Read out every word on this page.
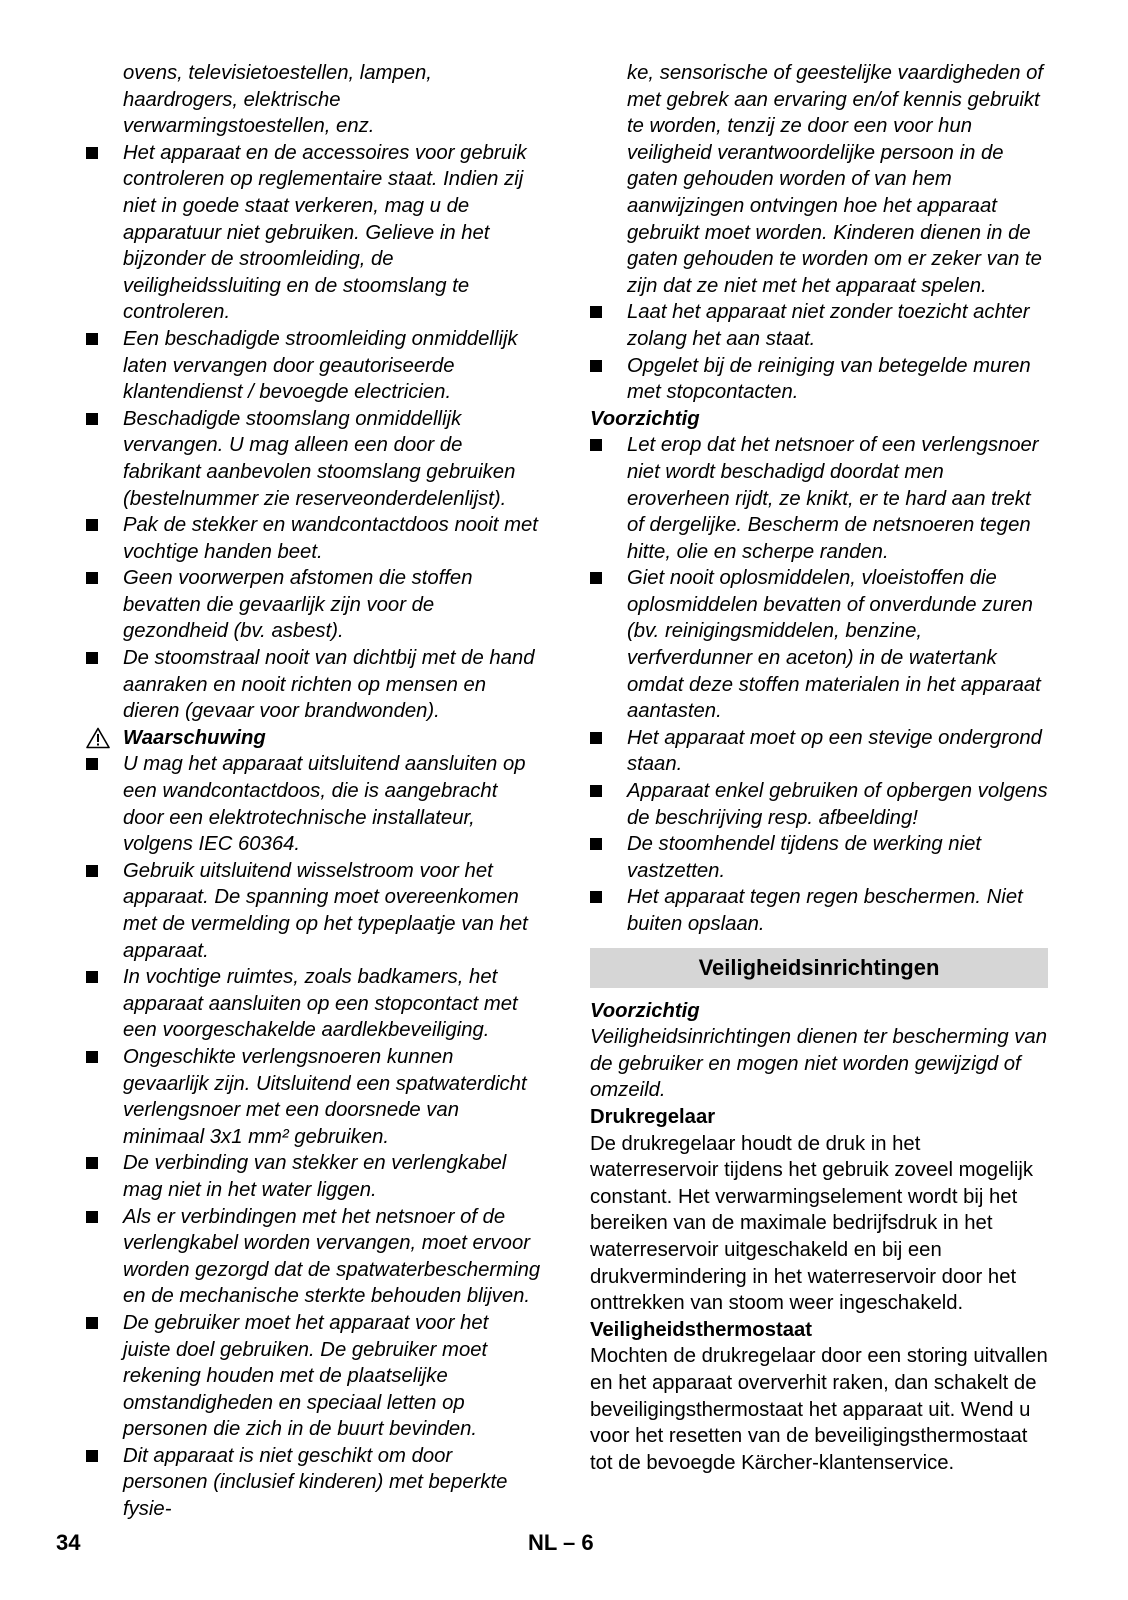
ovens, televisietoestellen, lampen, haardrogers, elektrische verwarmingstoestellen, enz.
Het apparaat en de accessoires voor gebruik controleren op reglementaire staat. Indien zij niet in goede staat verkeren, mag u de apparatuur niet gebruiken. Gelieve in het bijzonder de stroomleiding, de veiligheidssluiting en de stoomslang te controleren.
Een beschadigde stroomleiding onmiddellijk laten vervangen door geautoriseerde klantendienst / bevoegde electricien.
Beschadigde stoomslang onmiddellijk vervangen. U mag alleen een door de fabrikant aanbevolen stoomslang gebruiken (bestelnummer zie reserveonderdelenlijst).
Pak de stekker en wandcontactdoos nooit met vochtige handen beet.
Geen voorwerpen afstomen die stoffen bevatten die gevaarlijk zijn voor de gezondheid (bv. asbest).
De stoomstraal nooit van dichtbij met de hand aanraken en nooit richten op mensen en dieren (gevaar voor brandwonden).
Waarschuwing
U mag het apparaat uitsluitend aansluiten op een wandcontactdoos, die is aangebracht door een elektrotechnische installateur, volgens IEC 60364.
Gebruik uitsluitend wisselstroom voor het apparaat. De spanning moet overeenkomen met de vermelding op het typeplaatje van het apparaat.
In vochtige ruimtes, zoals badkamers, het apparaat aansluiten op een stopcontact met een voorgeschakelde aardlekbeveiliging.
Ongeschikte verlengsnoeren kunnen gevaarlijk zijn. Uitsluitend een spatwaterdicht verlengsnoer met een doorsnede van minimaal 3x1 mm² gebruiken.
De verbinding van stekker en verlengkabel mag niet in het water liggen.
Als er verbindingen met het netsnoer of de verlengkabel worden vervangen, moet ervoor worden gezorgd dat de spatwaterbescherming en de mechanische sterkte behouden blijven.
De gebruiker moet het apparaat voor het juiste doel gebruiken. De gebruiker moet rekening houden met de plaatselijke omstandigheden en speciaal letten op personen die zich in de buurt bevinden.
Dit apparaat is niet geschikt om door personen (inclusief kinderen) met beperkte fysie-
ke, sensorische of geestelijke vaardigheden of met gebrek aan ervaring en/of kennis gebruikt te worden, tenzij ze door een voor hun veiligheid verantwoordelijke persoon in de gaten gehouden worden of van hem aanwijzingen ontvingen hoe het apparaat gebruikt moet worden. Kinderen dienen in de gaten gehouden te worden om er zeker van te zijn dat ze niet met het apparaat spelen.
Laat het apparaat niet zonder toezicht achter zolang het aan staat.
Opgelet bij de reiniging van betegelde muren met stopcontacten.
Voorzichtig
Let erop dat het netsnoer of een verlengsnoer niet wordt beschadigd doordat men eroverheen rijdt, ze knikt, er te hard aan trekt of dergelijke. Bescherm de netsnoeren tegen hitte, olie en scherpe randen.
Giet nooit oplosmiddelen, vloeistoffen die oplosmiddelen bevatten of onverdunde zuren (bv. reinigingsmiddelen, benzine, verfverdunner en aceton) in de watertank omdat deze stoffen materialen in het apparaat aantasten.
Het apparaat moet op een stevige ondergrond staan.
Apparaat enkel gebruiken of opbergen volgens de beschrijving resp. afbeelding!
De stoomhendel tijdens de werking niet vastzetten.
Het apparaat tegen regen beschermen. Niet buiten opslaan.
Veiligheidsinrichtingen
Voorzichtig
Veiligheidsinrichtingen dienen ter bescherming van de gebruiker en mogen niet worden gewijzigd of omzeild.
Drukregelaar
De drukregelaar houdt de druk in het waterreservoir tijdens het gebruik zoveel mogelijk constant. Het verwarmingselement wordt bij het bereiken van de maximale bedrijfsdruk in het waterreservoir uitgeschakeld en bij een drukvermindering in het waterreservoir door het onttrekken van stoom weer ingeschakeld.
Veiligheidsthermostaat
Mochten de drukregelaar door een storing uitvallen en het apparaat oververhit raken, dan schakelt de beveiligingsthermostaat het apparaat uit. Wend u voor het resetten van de beveiligingsthermostaat tot de bevoegde Kärcher-klantenservice.
34	NL – 6
